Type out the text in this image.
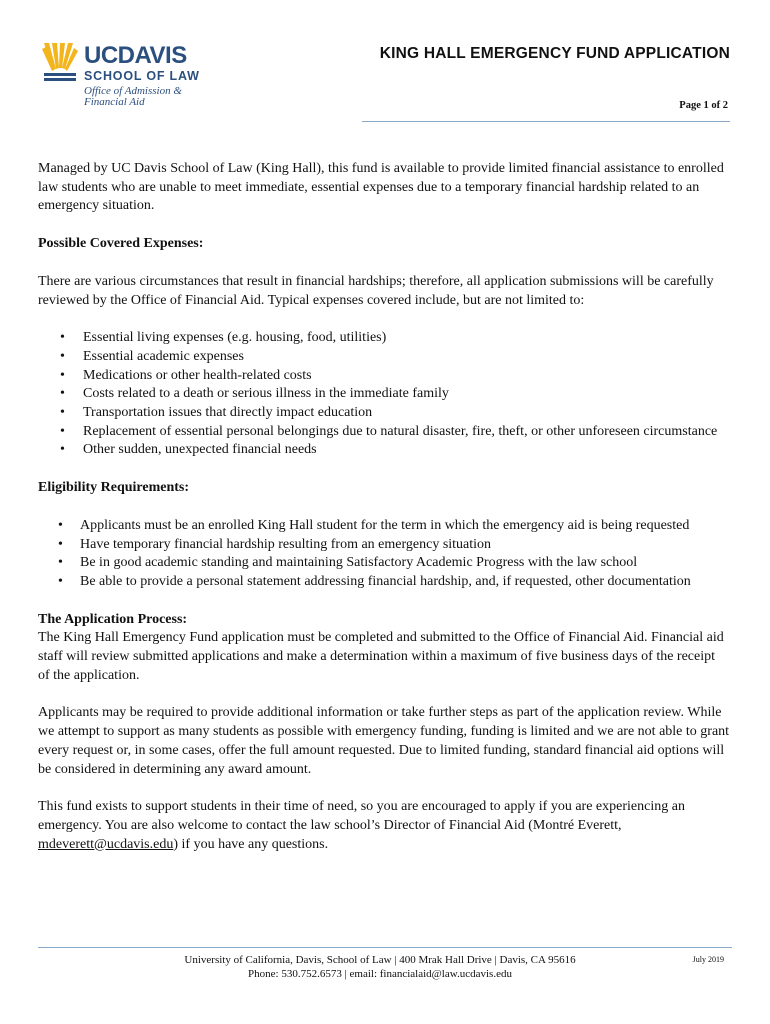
UCDAVIS
SCHOOL OF LAW
Office of Admission & Financial Aid
KING HALL EMERGENCY FUND APPLICATION
Page 1 of 2

Managed by UC Davis School of Law (King Hall), this fund is available to provide limited financial assistance to enrolled law students who are unable to meet immediate, essential expenses due to a temporary financial hardship related to an emergency situation.

Possible Covered Expenses:

There are various circumstances that result in financial hardships; therefore, all application submissions will be carefully reviewed by the Office of Financial Aid. Typical expenses covered include, but are not limited to:

• Essential living expenses (e.g. housing, food, utilities)
• Essential academic expenses
• Medications or other health-related costs
• Costs related to a death or serious illness in the immediate family
• Transportation issues that directly impact education
• Replacement of essential personal belongings due to natural disaster, fire, theft, or other unforeseen circumstance
• Other sudden, unexpected financial needs

Eligibility Requirements:

• Applicants must be an enrolled King Hall student for the term in which the emergency aid is being requested
• Have temporary financial hardship resulting from an emergency situation
• Be in good academic standing and maintaining Satisfactory Academic Progress with the law school
• Be able to provide a personal statement addressing financial hardship, and, if requested, other documentation

The Application Process:

The King Hall Emergency Fund application must be completed and submitted to the Office of Financial Aid. Financial aid staff will review submitted applications and make a determination within a maximum of five business days of the receipt of the application.

Applicants may be required to provide additional information or take further steps as part of the application review. While we attempt to support as many students as possible with emergency funding, funding is limited and we are not able to grant every request or, in some cases, offer the full amount requested. Due to limited funding, standard financial aid options will be considered in determining any award amount.

This fund exists to support students in their time of need, so you are encouraged to apply if you are experiencing an emergency. You are also welcome to contact the law school’s Director of Financial Aid (Montré Everett, mdeverett@ucdavis.edu) if you have any questions.

University of California, Davis, School of Law | 400 Mrak Hall Drive | Davis, CA 95616
Phone: 530.752.6573 | email: financialaid@law.ucdavis.edu
July 2019
